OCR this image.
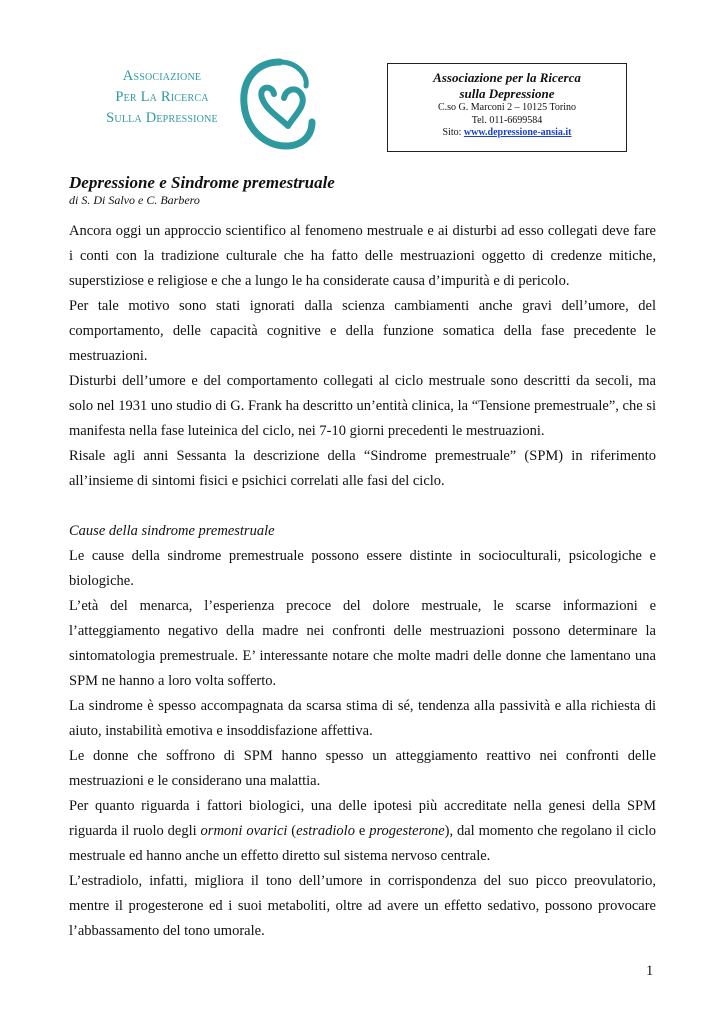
Associazione
Per La Ricerca
Sulla Depressione
Associazione per la Ricerca
sulla Depressione
C.so G. Marconi 2 – 10125 Torino
Tel. 011-6699584
Sito: www.depressione-ansia.it
Depressione e Sindrome premestruale
di S. Di Salvo e C. Barbero

Ancora oggi un approccio scientifico al fenomeno mestruale e ai disturbi ad esso collegati deve fare i conti con la tradizione culturale che ha fatto delle mestruazioni oggetto di credenze mitiche, superstiziose e religiose e che a lungo le ha considerate causa d’impurità e di pericolo.

Per tale motivo sono stati ignorati dalla scienza cambiamenti anche gravi dell’umore, del comportamento, delle capacità cognitive e della funzione somatica della fase precedente le mestruazioni.

Disturbi dell’umore e del comportamento collegati al ciclo mestruale sono descritti da secoli, ma solo nel 1931 uno studio di G. Frank ha descritto un’entità clinica, la “Tensione premestruale”, che si manifesta nella fase luteinica del ciclo, nei 7-10 giorni precedenti le mestruazioni.

Risale agli anni Sessanta la descrizione della “Sindrome premestruale” (SPM) in riferimento all’insieme di sintomi fisici e psichici correlati alle fasi del ciclo.

Cause della sindrome premestruale

Le cause della sindrome premestruale possono essere distinte in socioculturali, psicologiche e biologiche.

L’età del menarca, l’esperienza precoce del dolore mestruale, le scarse informazioni e l’atteggiamento negativo della madre nei confronti delle mestruazioni possono determinare la sintomatologia premestruale. E’ interessante notare che molte madri delle donne che lamentano una SPM ne hanno a loro volta sofferto.

La sindrome è spesso accompagnata da scarsa stima di sé, tendenza alla passività e alla richiesta di aiuto, instabilità emotiva e insoddisfazione affettiva.

Le donne che soffrono di SPM hanno spesso un atteggiamento reattivo nei confronti delle mestruazioni e le considerano una malattia.

Per quanto riguarda i fattori biologici, una delle ipotesi più accreditate nella genesi della SPM riguarda il ruolo degli ormoni ovarici (estradiolo e progesterone), dal momento che regolano il ciclo mestruale ed hanno anche un effetto diretto sul sistema nervoso centrale.

L’estradiolo, infatti, migliora il tono dell’umore in corrispondenza del suo picco preovulatorio, mentre il progesterone ed i suoi metaboliti, oltre ad avere un effetto sedativo, possono provocare l’abbassamento del tono umorale.

1
